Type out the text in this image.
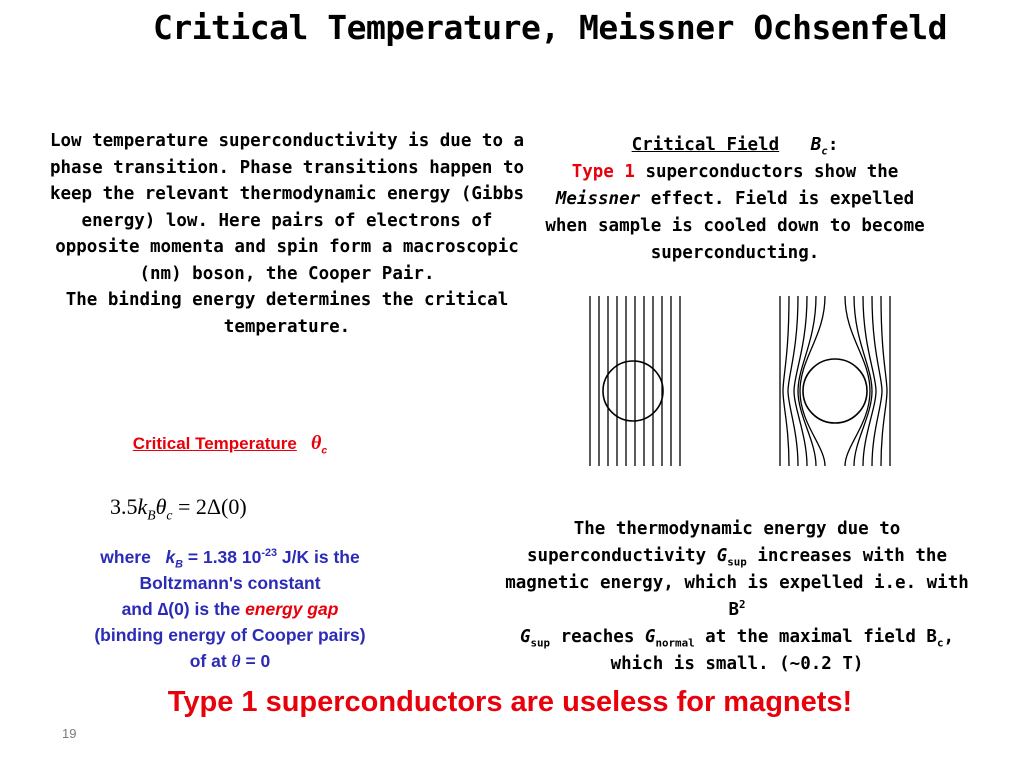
Critical Temperature, Meissner Ochsenfeld
Low temperature superconductivity is due to a phase transition. Phase transitions happen to keep the relevant thermodynamic energy (Gibbs energy) low. Here pairs of electrons of opposite momenta and spin form a macroscopic (nm) boson, the Cooper Pair.
The binding energy determines the critical temperature.
Critical Field $B_c$:
Type 1 superconductors show the Meissner effect. Field is expelled when sample is cooled down to become superconducting.
Critical Temperature $\theta_c$
$3.5k_B\theta_c = 2\Delta(0)$
where $k_B = 1.38$ $10^{-23}$ J/K is the
Boltzmann's constant
and ∆(0) is the energy gap
(binding energy of Cooper pairs)
of at θ = 0
The thermodynamic energy due to superconductivity $G_{sup}$ increases with the magnetic energy, which is expelled i.e. with $B^2$
$G_{sup}$ reaches $G_{normal}$ at the maximal field $B_c$, which is small. (~0.2 T)
Type 1 superconductors are useless for magnets!
19
